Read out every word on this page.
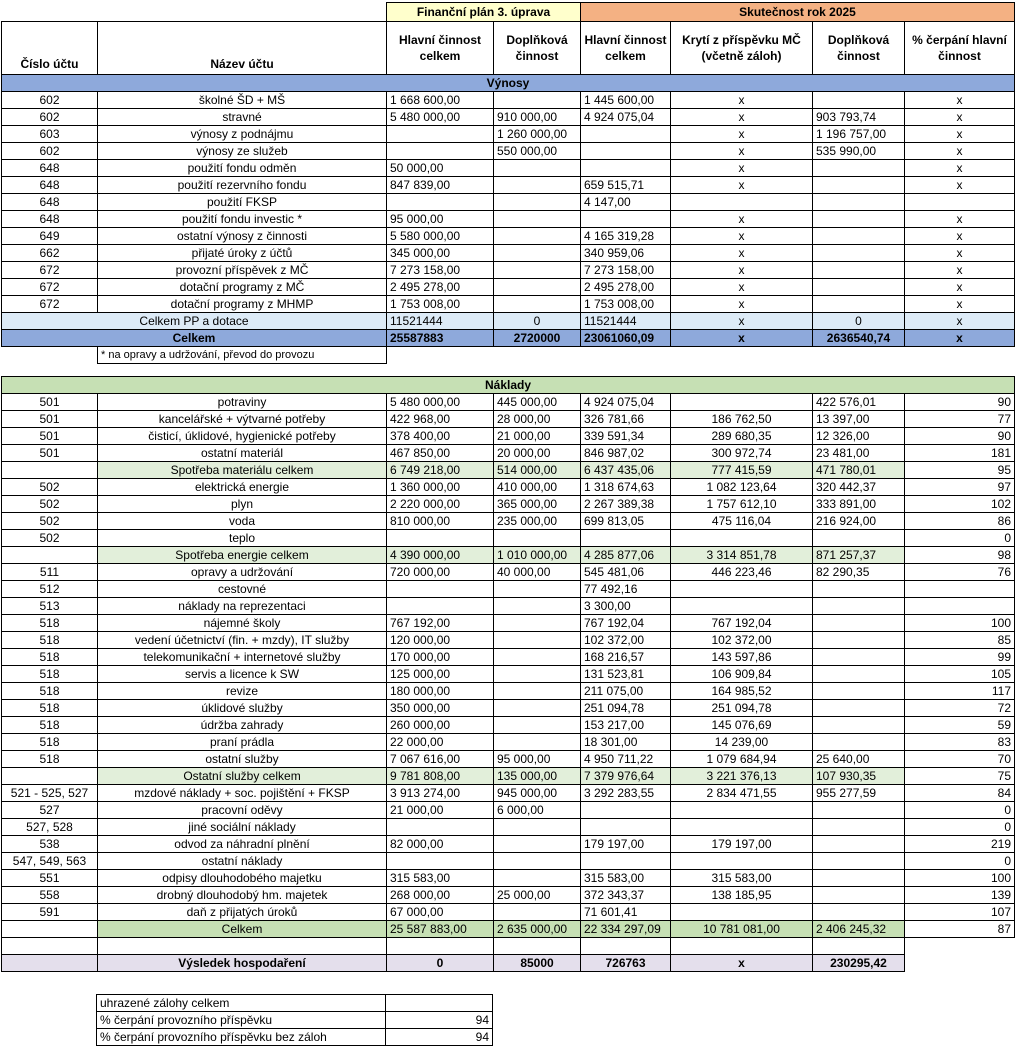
		Finanční plán 3. úprava		Skutečnost rok 2025			
Číslo účtu	Název účtu	Hlavní činnost celkem	Doplňková činnost	Hlavní činnost celkem	Krytí z příspěvku MČ (včetně záloh)	Doplňková činnost	% čerpání hlavní činnost
Výnosy							
602	školné ŠD + MŠ	1 668 600,00		1 445 600,00	x		x
602	stravné	5 480 000,00	910 000,00	4 924 075,04	x	903 793,74	x
603	výnosy z podnájmu		1 260 000,00		x	1 196 757,00	x
602	výnosy ze služeb		550 000,00		x	535 990,00	x
648	použití fondu odměn	50 000,00			x		x
648	použití rezervního fondu	847 839,00		659 515,71	x		x
648	použití FKSP			4 147,00			
648	použití fondu investic *	95 000,00			x		x
649	ostatní výnosy z činnosti	5 580 000,00		4 165 319,28	x		x
662	přijaté úroky z účtů	345 000,00		340 959,06	x		x
672	provozní příspěvek z MČ	7 273 158,00		7 273 158,00	x		x
672	dotační programy z MČ	2 495 278,00		2 495 278,00	x		x
672	dotační programy z MHMP	1 753 008,00		1 753 008,00	x		x
Celkem PP a dotace		11521444	0	11521444	x	0	x
Celkem		25587883	2720000	23061060,09	x	2636540,74	x
	* na opravy a udržování, převod do provozu						
Náklady							
501	potraviny	5 480 000,00	445 000,00	4 924 075,04		422 576,01	90
501	kancelářské + výtvarné potřeby	422 968,00	28 000,00	326 781,66	186 762,50	13 397,00	77
501	čisticí, úklidové, hygienické potřeby	378 400,00	21 000,00	339 591,34	289 680,35	12 326,00	90
501	ostatní materiál	467 850,00	20 000,00	846 987,02	300 972,74	23 481,00	181
	Spotřeba materiálu celkem	6 749 218,00	514 000,00	6 437 435,06	777 415,59	471 780,01	95
502	elektrická energie	1 360 000,00	410 000,00	1 318 674,63	1 082 123,64	320 442,37	97
502	plyn	2 220 000,00	365 000,00	2 267 389,38	1 757 612,10	333 891,00	102
502	voda	810 000,00	235 000,00	699 813,05	475 116,04	216 924,00	86
502	teplo						0
	Spotřeba energie celkem	4 390 000,00	1 010 000,00	4 285 877,06	3 314 851,78	871 257,37	98
511	opravy a udržování	720 000,00	40 000,00	545 481,06	446 223,46	82 290,35	76
512	cestovné			77 492,16			
513	náklady na reprezentaci			3 300,00			
518	nájemné školy	767 192,00		767 192,04	767 192,04		100
518	vedení účetnictví (fin. + mzdy), IT služby	120 000,00		102 372,00	102 372,00		85
518	telekomunikační + internetové služby	170 000,00		168 216,57	143 597,86		99
518	servis a licence k SW	125 000,00		131 523,81	106 909,84		105
518	revize	180 000,00		211 075,00	164 985,52		117
518	úklidové služby	350 000,00		251 094,78	251 094,78		72
518	údržba zahrady	260 000,00		153 217,00	145 076,69		59
518	praní prádla	22 000,00		18 301,00	14 239,00		83
518	ostatní služby	7 067 616,00	95 000,00	4 950 711,22	1 079 684,94	25 640,00	70
	Ostatní služby celkem	9 781 808,00	135 000,00	7 379 976,64	3 221 376,13	107 930,35	75
521 - 525, 527	mzdové náklady + soc. pojištění + FKSP	3 913 274,00	945 000,00	3 292 283,55	2 834 471,55	955 277,59	84
527	pracovní oděvy	21 000,00	6 000,00				0
527, 528	jiné sociální náklady						0
538	odvod za náhradní plnění	82 000,00		179 197,00	179 197,00		219
547, 549, 563	ostatní náklady						0
551	odpisy dlouhodobého majetku	315 583,00		315 583,00	315 583,00		100
558	drobný dlouhodobý hm. majetek	268 000,00	25 000,00	372 343,37	138 185,95		139
591	daň z přijatých úroků	67 000,00		71 601,41			107
	Celkem	25 587 883,00	2 635 000,00	22 334 297,09	10 781 081,00	2 406 245,32	87

	Výsledek hospodaření	0	85000	726763	x	230295,42	
uhrazené zálohy celkem	
% čerpání provozního příspěvku	94
% čerpání provozního příspěvku bez záloh	94
